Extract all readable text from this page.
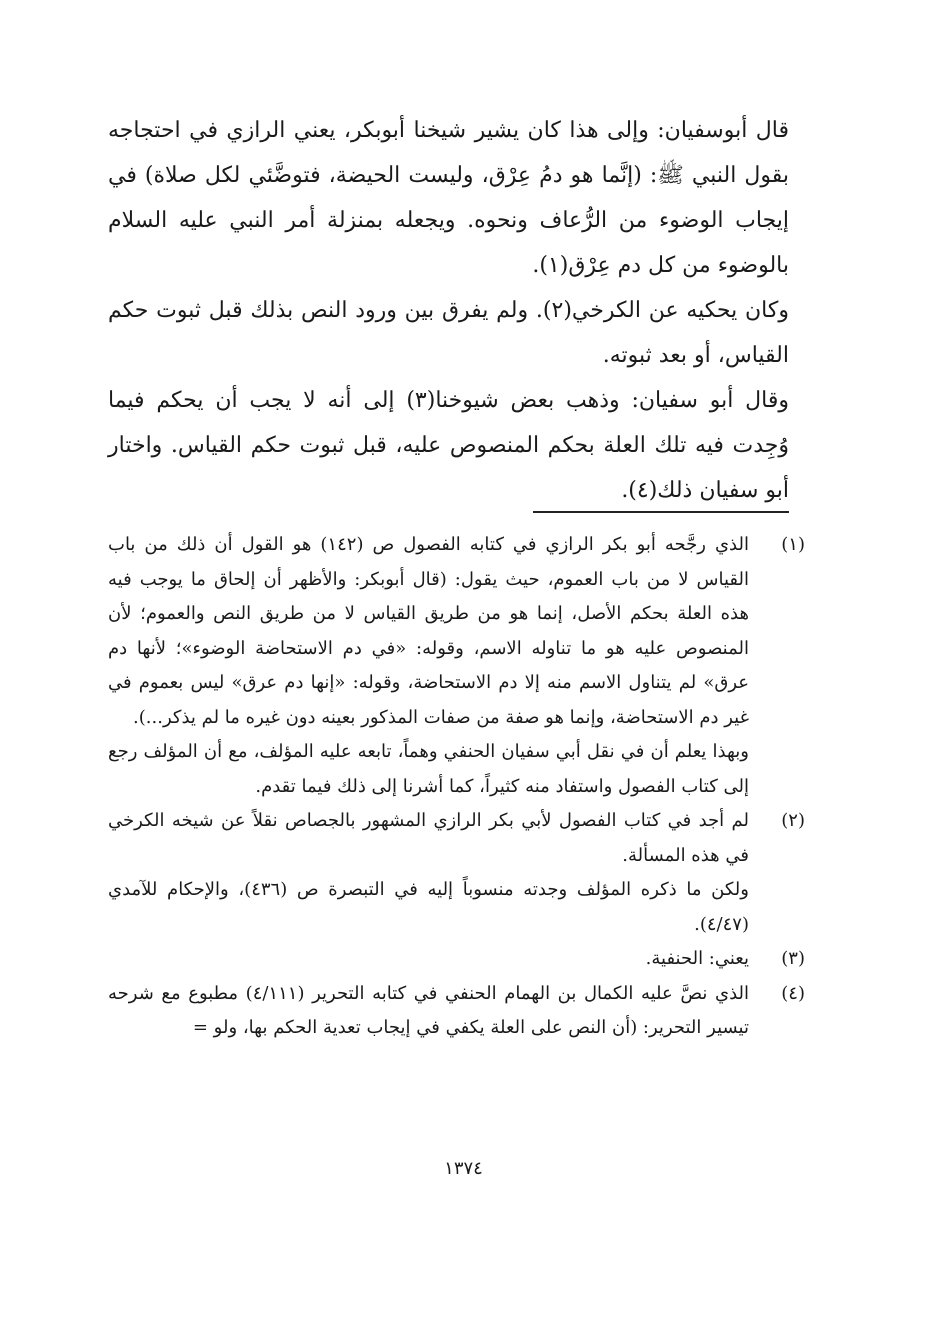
قال أبوسفيان: وإلى هذا كان يشير شيخنا أبوبكر، يعني الرازي في احتجاجه بقول النبي ﷺ: (إنَّما هو دمُ عِرْق، وليست الحيضة، فتوضَّئي لكل صلاة) في إيجاب الوضوء من الرُّعاف ونحوه. ويجعله بمنزلة أمر النبي عليه السلام بالوضوء من كل دم عِرْق(١).

وكان يحكيه عن الكرخي(٢). ولم يفرق بين ورود النص بذلك قبل ثبوت حكم القياس، أو بعد ثبوته.

وقال أبو سفيان: وذهب بعض شيوخنا(٣) إلى أنه لا يجب أن يحكم فيما وُجِدت فيه تلك العلة بحكم المنصوص عليه، قبل ثبوت حكم القياس. واختار أبو سفيان ذلك(٤).

(١)

الذي رجَّحه أبو بكر الرازي في كتابه الفصول ص (١٤٢) هو القول أن ذلك من باب القياس لا من باب العموم، حيث يقول: (قال أبوبكر: والأظهر أن إلحاق ما يوجب فيه هذه العلة بحكم الأصل، إنما هو من طريق القياس لا من طريق النص والعموم؛ لأن المنصوص عليه هو ما تناوله الاسم، وقوله: «في دم الاستحاضة الوضوء»؛ لأنها دم عرق» لم يتناول الاسم منه إلا دم الاستحاضة، وقوله: «إنها دم عرق» ليس بعموم في غير دم الاستحاضة، وإنما هو صفة من صفات المذكور بعينه دون غيره ما لم يذكر...).

وبهذا يعلم أن في نقل أبي سفيان الحنفي وهماً، تابعه عليه المؤلف، مع أن المؤلف رجع إلى كتاب الفصول واستفاد منه كثيراً، كما أشرنا إلى ذلك فيما تقدم.

(٢)

لم أجد في كتاب الفصول لأبي بكر الرازي المشهور بالجصاص نقلاً عن شيخه الكرخي في هذه المسألة.

ولكن ما ذكره المؤلف وجدته منسوباً إليه في التبصرة ص (٤٣٦)، والإحكام للآمدي (٤/٤٧).

(٣)

يعني: الحنفية.

(٤)

الذي نصَّ عليه الكمال بن الهمام الحنفي في كتابه التحرير (٤/١١١) مطبوع مع شرحه تيسير التحرير: (أن النص على العلة يكفي في إيجاب تعدية الحكم بها، ولو =

١٣٧٤
